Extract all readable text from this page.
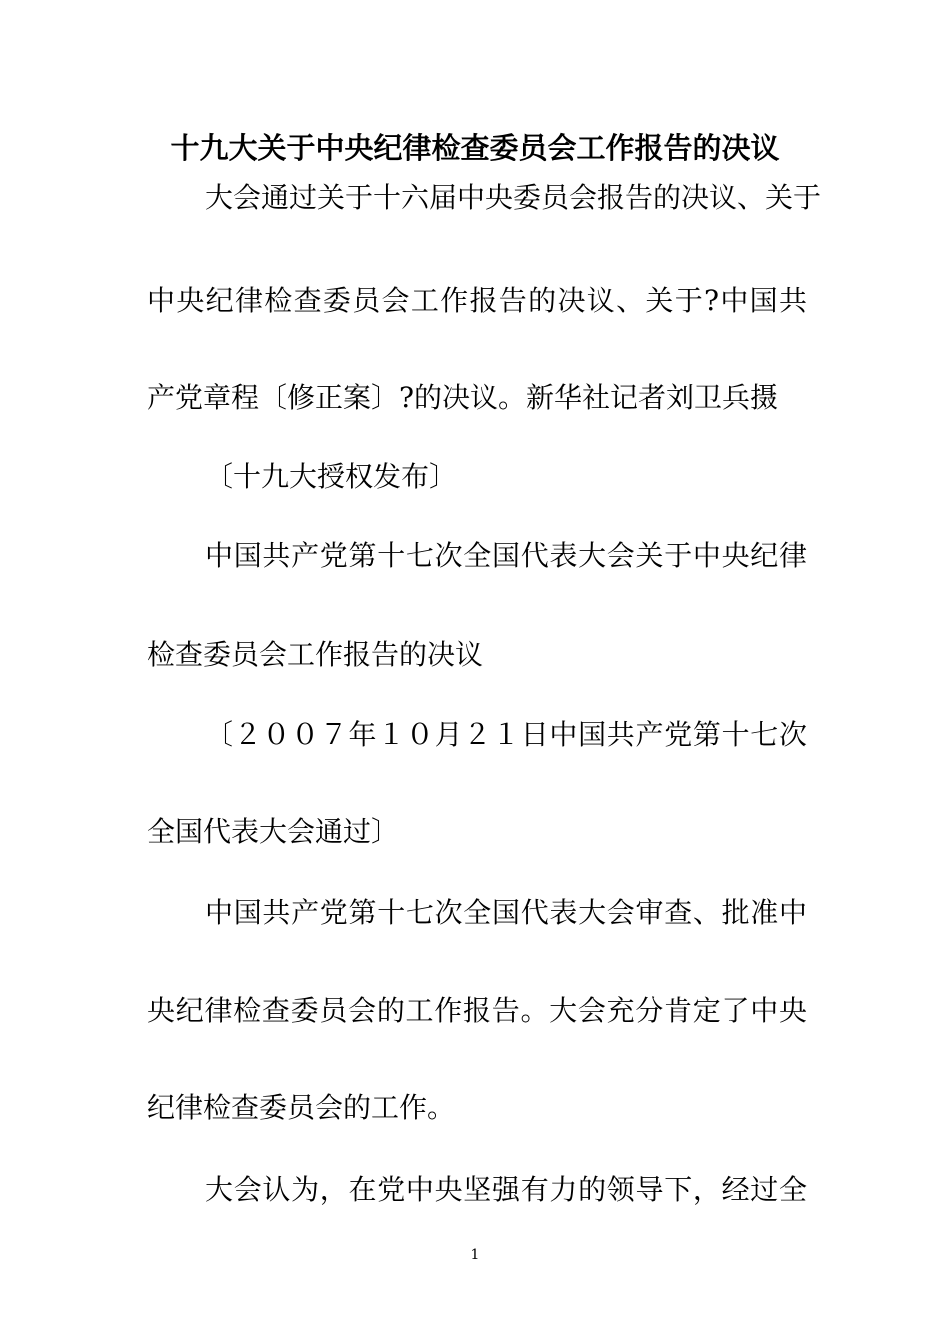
十九大关于中央纪律检查委员会工作报告的决议
大会通过关于十六届中央委员会报告的决议、关于
中央纪律检查委员会工作报告的决议、关于?中国共
产党章程〔修正案〕?的决议。新华社记者刘卫兵摄
〔十九大授权发布〕
中国共产党第十七次全国代表大会关于中央纪律
检查委员会工作报告的决议
〔２００７年１０月２１日中国共产党第十七次
全国代表大会通过〕
中国共产党第十七次全国代表大会审查、批准中
央纪律检查委员会的工作报告。大会充分肯定了中央
纪律检查委员会的工作。
大会认为，在党中央坚强有力的领导下，经过全
1
